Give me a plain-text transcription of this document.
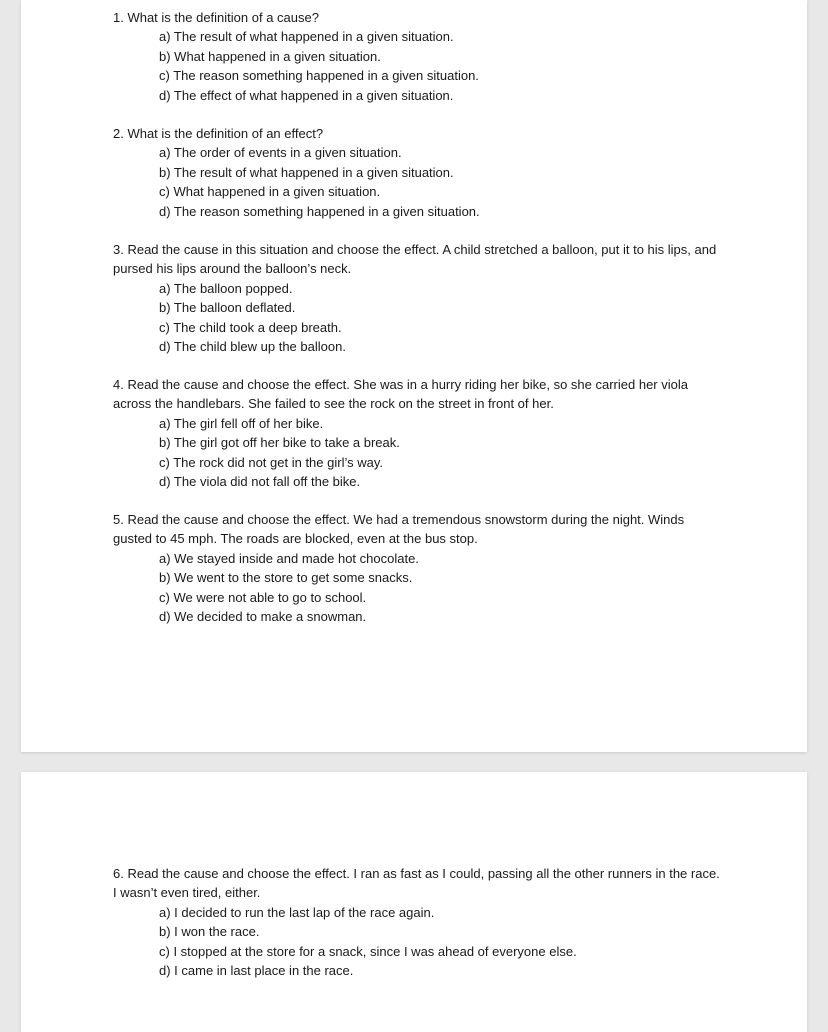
1. What is the definition of a cause?

a) The result of what happened in a given situation.
b) What happened in a given situation.
c) The reason something happened in a given situation.
d) The effect of what happened in a given situation.

2. What is the definition of an effect?

a) The order of events in a given situation.
b) The result of what happened in a given situation.
c) What happened in a given situation.
d) The reason something happened in a given situation.

3. Read the cause in this situation and choose the effect. A child stretched a balloon, put it to his lips, and pursed his lips around the balloon’s neck.

a) The balloon popped.
b) The balloon deflated.
c) The child took a deep breath.
d) The child blew up the balloon.

4. Read the cause and choose the effect. She was in a hurry riding her bike, so she carried her viola across the handlebars. She failed to see the rock on the street in front of her.

a) The girl fell off of her bike.
b) The girl got off her bike to take a break.
c) The rock did not get in the girl’s way.
d) The viola did not fall off the bike.

5. Read the cause and choose the effect. We had a tremendous snowstorm during the night. Winds gusted to 45 mph. The roads are blocked, even at the bus stop.

a) We stayed inside and made hot chocolate.
b) We went to the store to get some snacks.
c) We were not able to go to school.
d) We decided to make a snowman.

6. Read the cause and choose the effect. I ran as fast as I could, passing all the other runners in the race. I wasn’t even tired, either.

a) I decided to run the last lap of the race again.
b) I won the race.
c) I stopped at the store for a snack, since I was ahead of everyone else.
d) I came in last place in the race.
